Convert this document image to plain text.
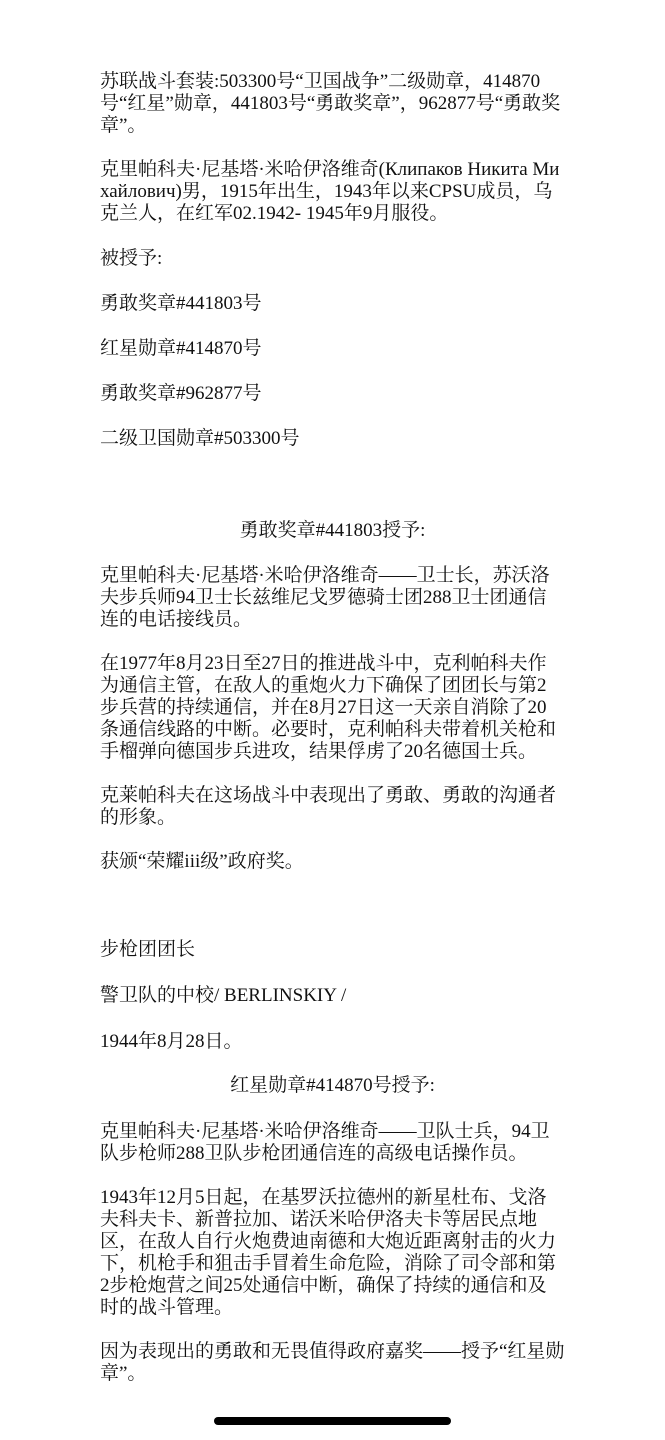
苏联战斗套装:503300号“卫国战争”二级勋章，414870号“红星”勋章，441803号“勇敢奖章”，962877号“勇敢奖章”。

克里帕科夫·尼基塔·米哈伊洛维奇(Клипаков Никита Михайлович)男，1915年出生，1943年以来CPSU成员，乌克兰人，在红军02.1942- 1945年9月服役。

被授予:

勇敢奖章#441803号

红星勋章#414870号

勇敢奖章#962877号

二级卫国勋章#503300号

勇敢奖章#441803授予:

克里帕科夫·尼基塔·米哈伊洛维奇——卫士长，苏沃洛夫步兵师94卫士长兹维尼戈罗德骑士团288卫士团通信连的电话接线员。

在1977年8月23日至27日的推进战斗中，克利帕科夫作为通信主管，在敌人的重炮火力下确保了团团长与第2步兵营的持续通信，并在8月27日这一天亲自消除了20条通信线路的中断。必要时，克利帕科夫带着机关枪和手榴弹向德国步兵进攻，结果俘虏了20名德国士兵。

克莱帕科夫在这场战斗中表现出了勇敢、勇敢的沟通者的形象。

获颁“荣耀iii级”政府奖。

步枪团团长

警卫队的中校/ BERLINSKIY /

1944年8月28日。

红星勋章#414870号授予:

克里帕科夫·尼基塔·米哈伊洛维奇——卫队士兵，94卫队步枪师288卫队步枪团通信连的高级电话操作员。

1943年12月5日起，在基罗沃拉德州的新星杜布、戈洛夫科夫卡、新普拉加、诺沃米哈伊洛夫卡等居民点地区，在敌人自行火炮费迪南德和大炮近距离射击的火力下，机枪手和狙击手冒着生命危险，消除了司令部和第2步枪炮营之间25处通信中断，确保了持续的通信和及时的战斗管理。

因为表现出的勇敢和无畏值得政府嘉奖——授予“红星勋章”。
